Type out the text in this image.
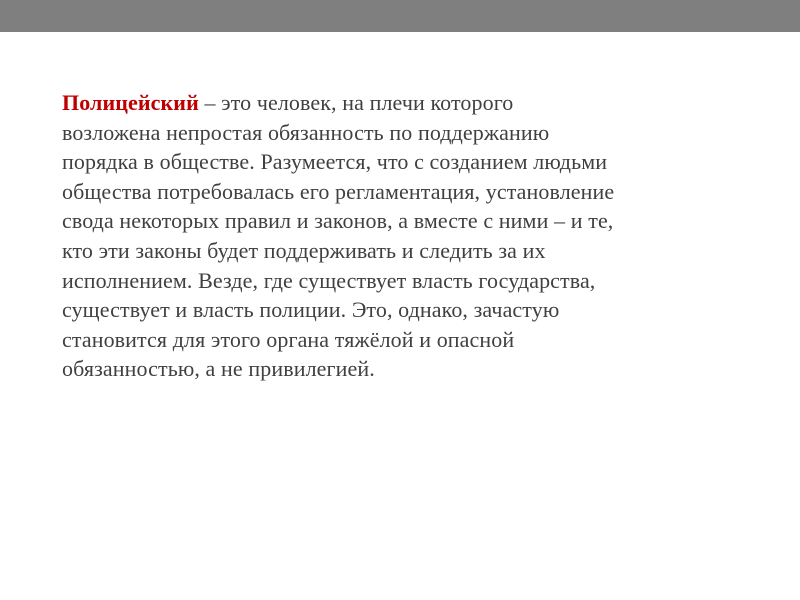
Полицейский – это человек, на плечи которого
возложена непростая обязанность по поддержанию
порядка в обществе. Разумеется, что с созданием людьми
общества потребовалась его регламентация, установление
свода некоторых правил и законов, а вместе с ними – и те,
кто эти законы будет поддерживать и следить за их
исполнением. Везде, где существует власть государства,
существует и власть полиции. Это, однако, зачастую
становится для этого органа тяжёлой и опасной
обязанностью, а не привилегией.
